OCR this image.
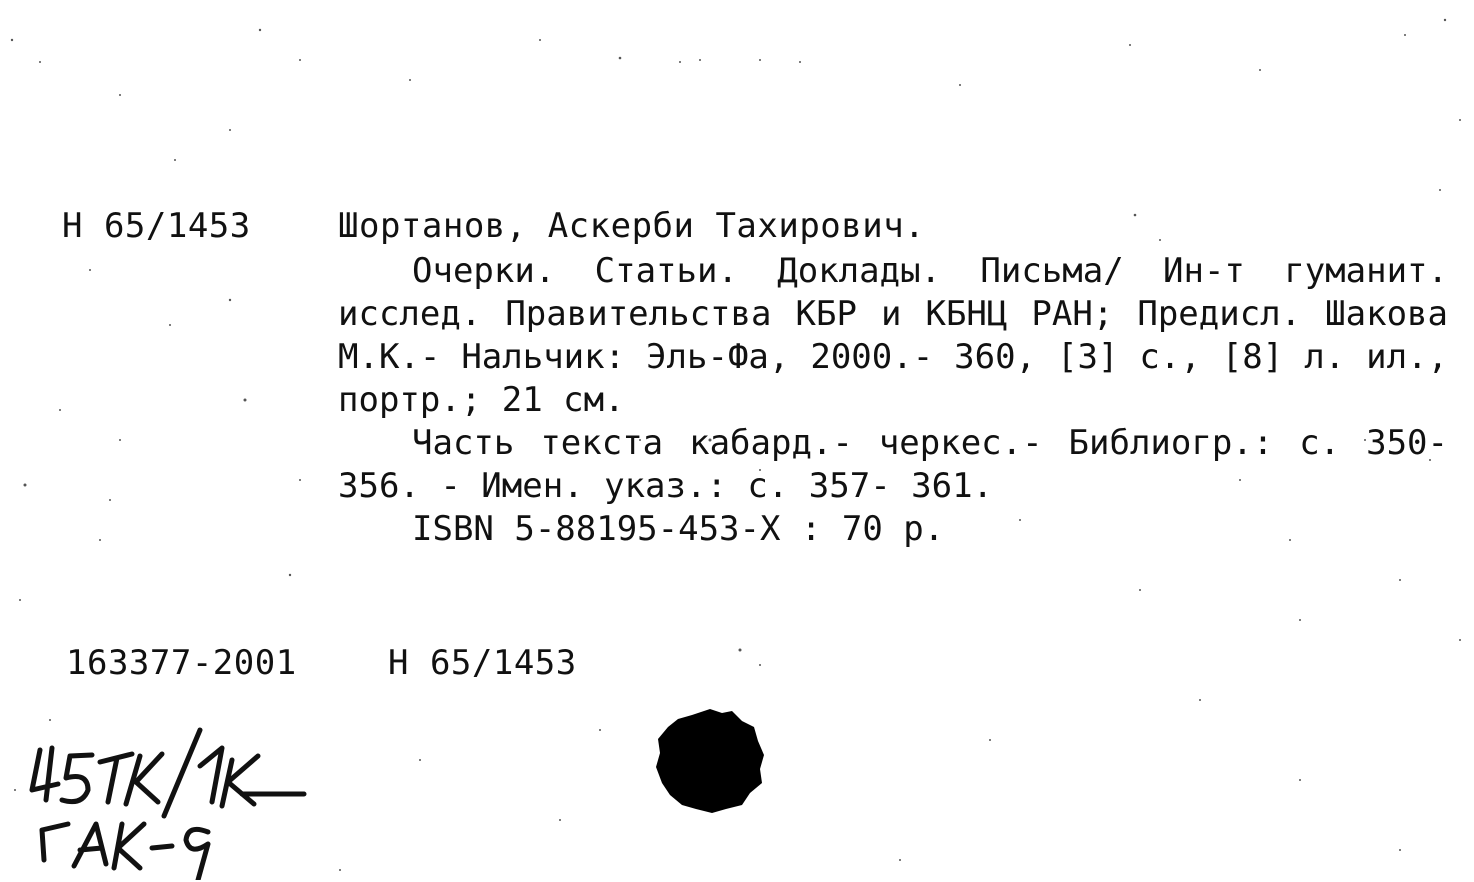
Н 65/1453	Шортанов, Аскерби Тахирович.

Очерки. Статьи. Доклады. Письма/ Ин-т гуманит. исслед. Правительства КБР и КБНЦ РАН; Предисл. Шакова М.К.- Нальчик: Эль-Фа, 2000.- 360, [3] с., [8] л. ил., портр.; 21 см.

Часть текста кабард.- черкес.- Библиогр.: с. 350- 356. - Имен. указ.: с. 357- 361.

ISBN 5-88195-453-X : 70 р.

163377-2001	Н 65/1453
